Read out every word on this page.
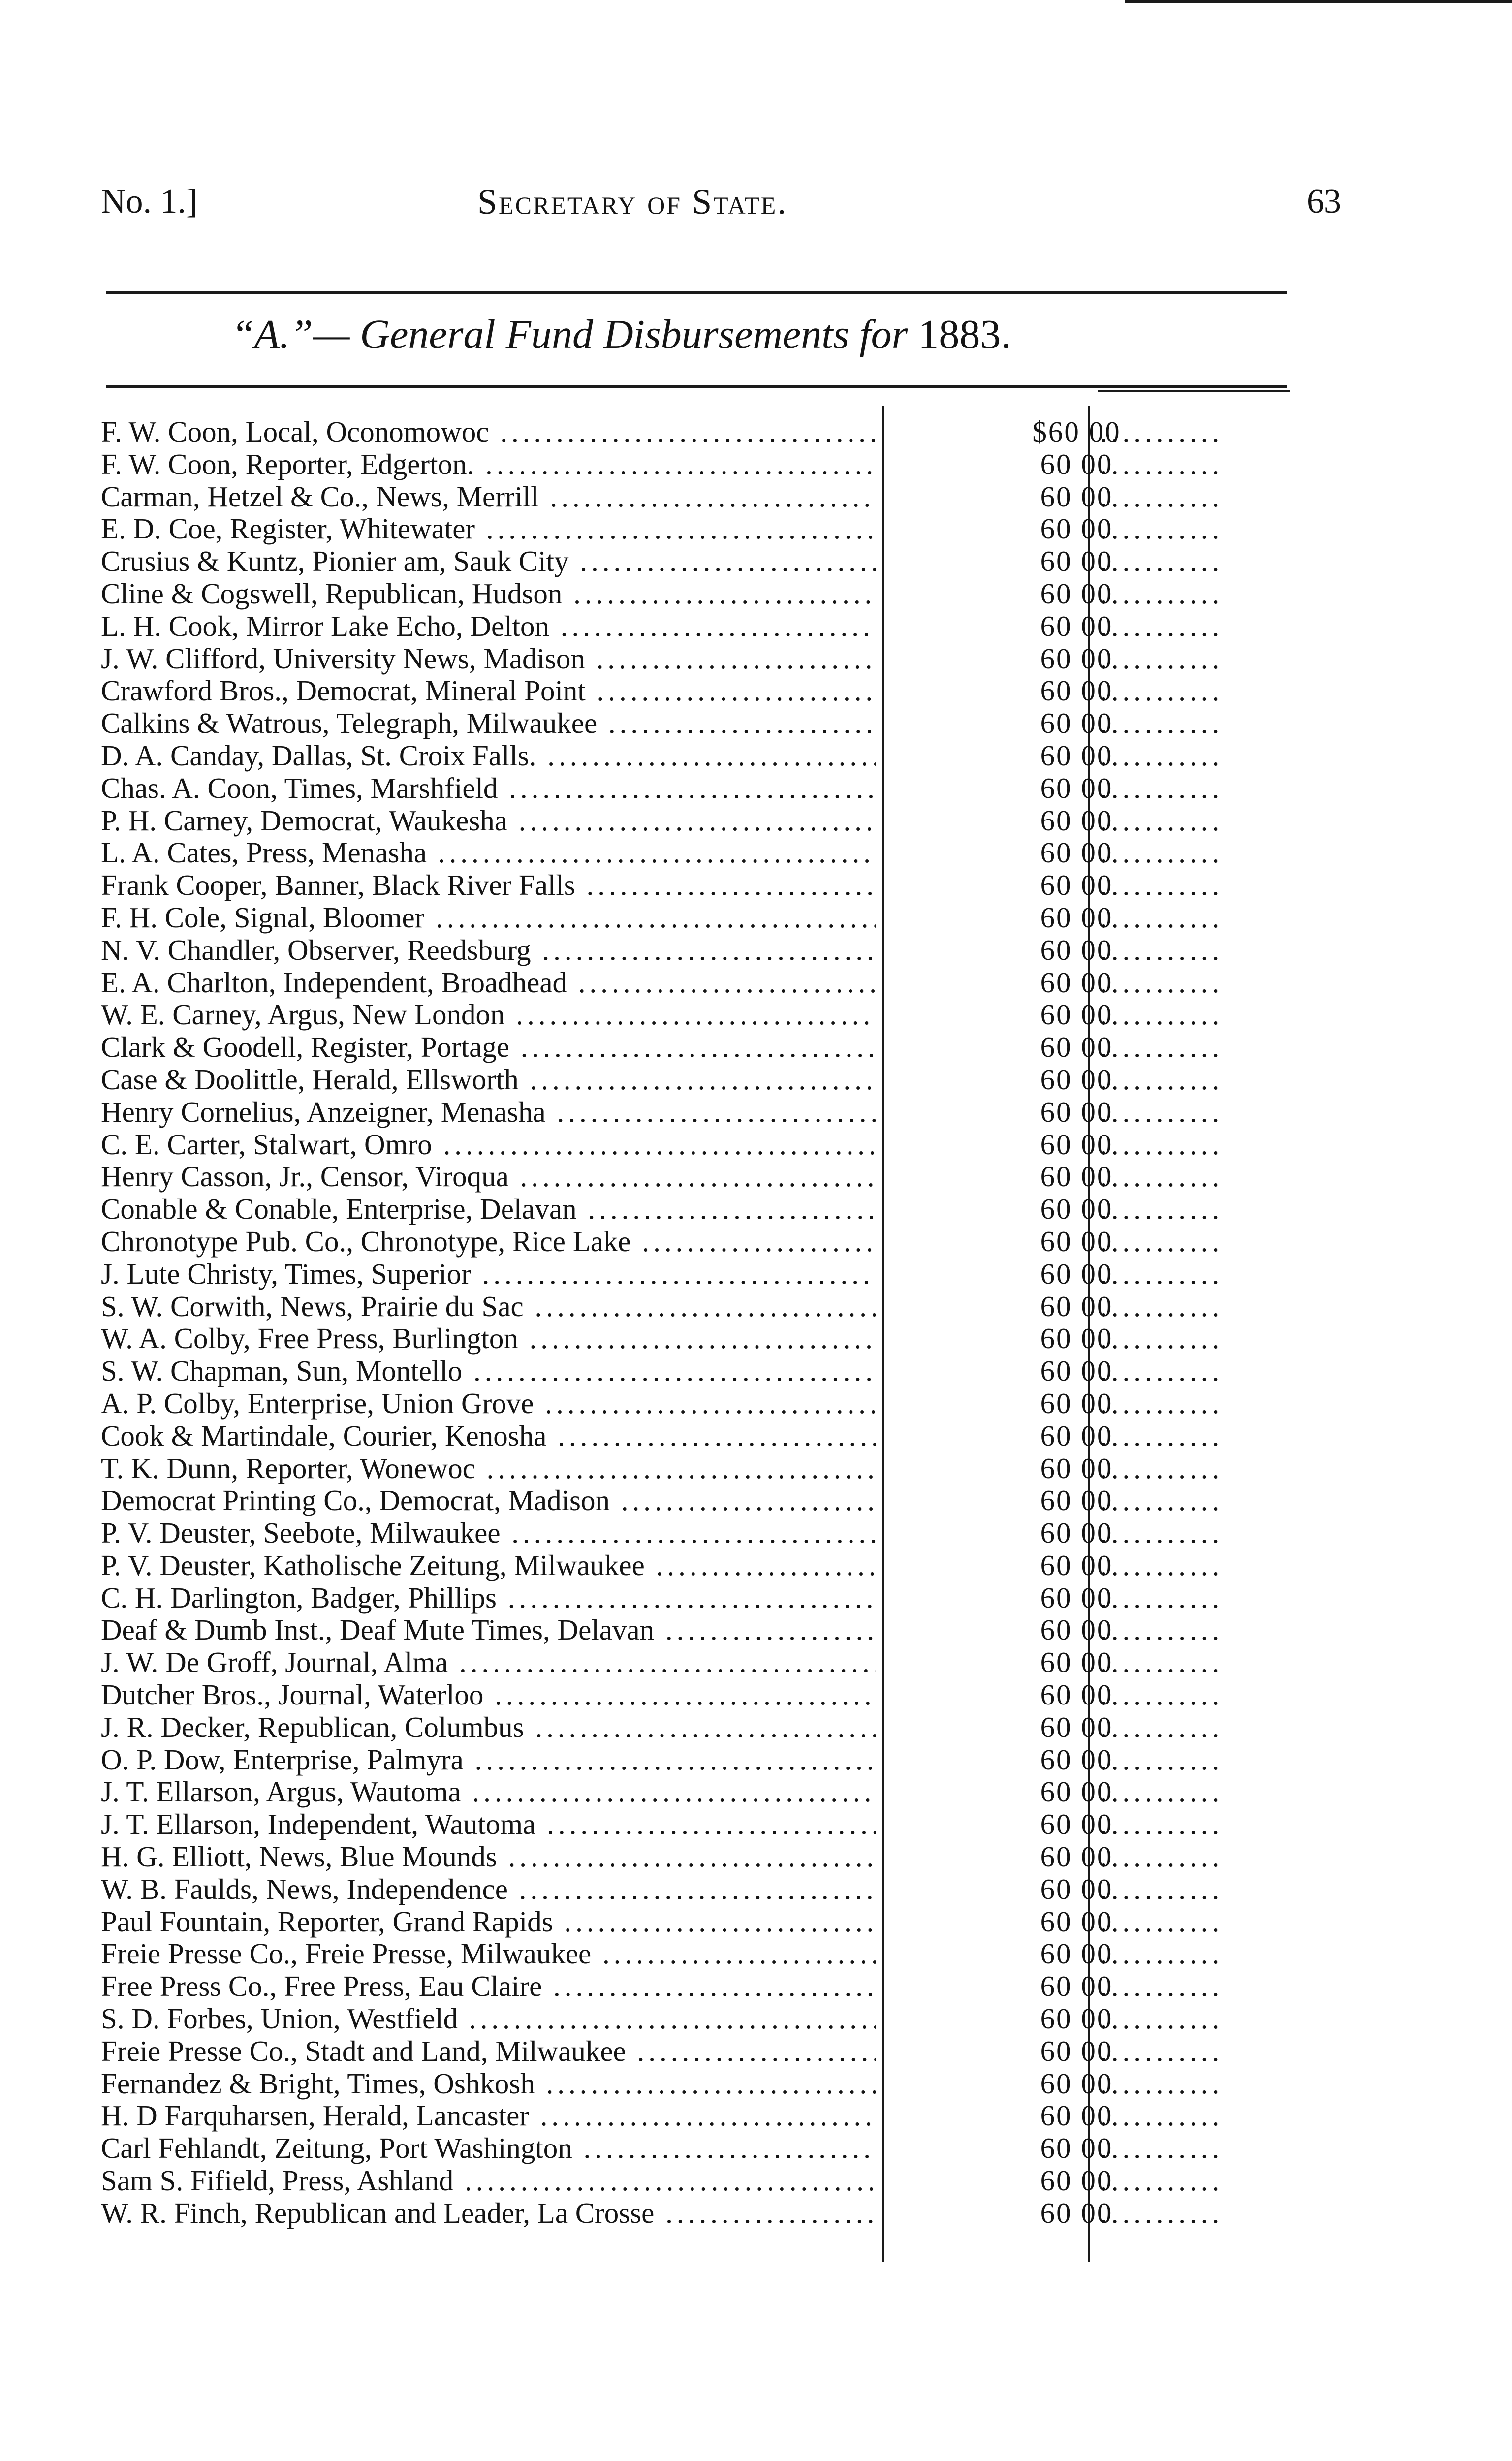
No. 1.]	Secretary of State.	63
“A.”— General Fund Disbursements for 1883.
F. W. Coon, Local, Oconomowoc .....	$60 00
...........
F. W. Coon, Reporter, Edgerton. .....	60 00
...........
Carman, Hetzel & Co., News, Merrill .....	60 00
...........
E. D. Coe, Register, Whitewater .....	60 00
...........
Crusius & Kuntz, Pionier am, Sauk City .....	60 00
...........
Cline & Cogswell, Republican, Hudson .....	60 00
...........
L. H. Cook, Mirror Lake Echo, Delton .....	60 00
...........
J. W. Clifford, University News, Madison .....	60 00
...........
Crawford Bros., Democrat, Mineral Point .....	60 00
...........
Calkins & Watrous, Telegraph, Milwaukee .....	60 00
...........
D. A. Canday, Dallas, St. Croix Falls. .....	60 00
...........
Chas. A. Coon, Times, Marshfield .....	60 00
...........
P. H. Carney, Democrat, Waukesha .....	60 00
...........
L. A. Cates, Press, Menasha .....	60 00
...........
Frank Cooper, Banner, Black River Falls .....	60 00
...........
F. H. Cole, Signal, Bloomer .....	60 00
...........
N. V. Chandler, Observer, Reedsburg .....	60 00
...........
E. A. Charlton, Independent, Broadhead .....	60 00
...........
W. E. Carney, Argus, New London .....	60 00
...........
Clark & Goodell, Register, Portage .....	60 00
...........
Case & Doolittle, Herald, Ellsworth .....	60 00
...........
Henry Cornelius, Anzeigner, Menasha .....	60 00
...........
C. E. Carter, Stalwart, Omro .....	60 00
...........
Henry Casson, Jr., Censor, Viroqua .....	60 00
...........
Conable & Conable, Enterprise, Delavan .....	60 00
...........
Chronotype Pub. Co., Chronotype, Rice Lake .....	60 00
...........
J. Lute Christy, Times, Superior .....	60 00
...........
S. W. Corwith, News, Prairie du Sac .....	60 00
...........
W. A. Colby, Free Press, Burlington .....	60 00
...........
S. W. Chapman, Sun, Montello .....	60 00
...........
A. P. Colby, Enterprise, Union Grove .....	60 00
...........
Cook & Martindale, Courier, Kenosha .....	60 00
...........
T. K. Dunn, Reporter, Wonewoc .....	60 00
...........
Democrat Printing Co., Democrat, Madison .....	60 00
...........
P. V. Deuster, Seebote, Milwaukee .....	60 00
...........
P. V. Deuster, Katholische Zeitung, Milwaukee .....	60 00
...........
C. H. Darlington, Badger, Phillips .....	60 00
...........
Deaf & Dumb Inst., Deaf Mute Times, Delavan .....	60 00
...........
J. W. De Groff, Journal, Alma .....	60 00
...........
Dutcher Bros., Journal, Waterloo .....	60 00
...........
J. R. Decker, Republican, Columbus .....	60 00
...........
O. P. Dow, Enterprise, Palmyra .....	60 00
...........
J. T. Ellarson, Argus, Wautoma .....	60 00
...........
J. T. Ellarson, Independent, Wautoma .....	60 00
...........
H. G. Elliott, News, Blue Mounds .....	60 00
...........
W. B. Faulds, News, Independence .....	60 00
...........
Paul Fountain, Reporter, Grand Rapids .....	60 00
...........
Freie Presse Co., Freie Presse, Milwaukee .....	60 00
...........
Free Press Co., Free Press, Eau Claire .....	60 00
...........
S. D. Forbes, Union, Westfield .....	60 00
...........
Freie Presse Co., Stadt and Land, Milwaukee .....	60 00
...........
Fernandez & Bright, Times, Oshkosh .....	60 00
...........
H. D Farquharsen, Herald, Lancaster .....	60 00
...........
Carl Fehlandt, Zeitung, Port Washington .....	60 00
...........
Sam S. Fifield, Press, Ashland .....	60 00
...........
W. R. Finch, Republican and Leader, La Crosse .....	60 00
...........
